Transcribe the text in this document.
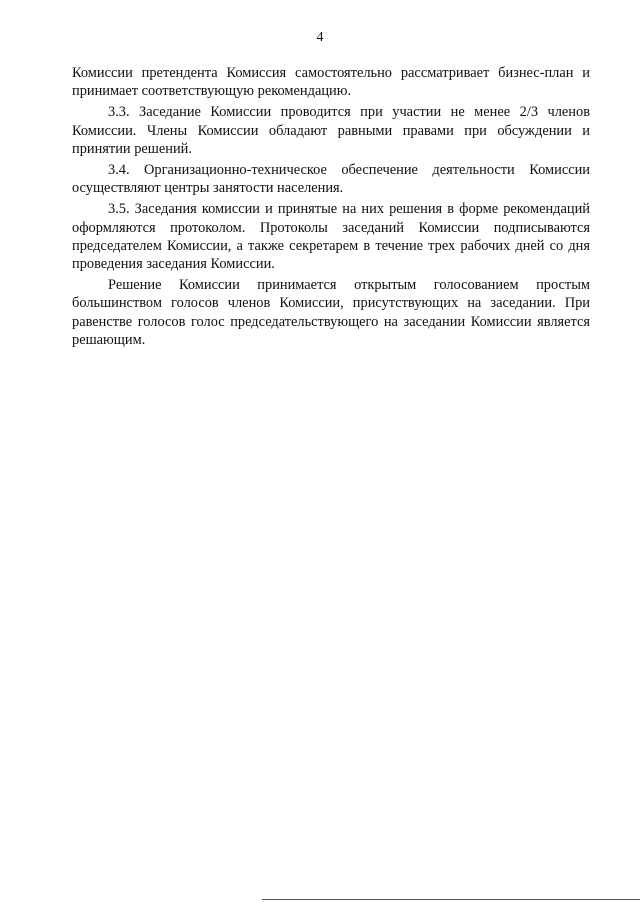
4

Комиссии претендента Комиссия самостоятельно рассматривает бизнес-план и принимает соответствующую рекомендацию.

3.3. Заседание Комиссии проводится при участии не менее 2/3 членов Комиссии. Члены Комиссии обладают равными правами при обсуждении и принятии решений.

3.4. Организационно-техническое обеспечение деятельности Комиссии осуществляют центры занятости населения.

3.5. Заседания комиссии и принятые на них решения в форме рекомендаций оформляются протоколом. Протоколы заседаний Комиссии подписываются председателем Комиссии, а также секретарем в течение трех рабочих дней со дня проведения заседания Комиссии.

Решение Комиссии принимается открытым голосованием простым большинством голосов членов Комиссии, присутствующих на заседании. При равенстве голосов голос председательствующего на заседании Комиссии является решающим.
